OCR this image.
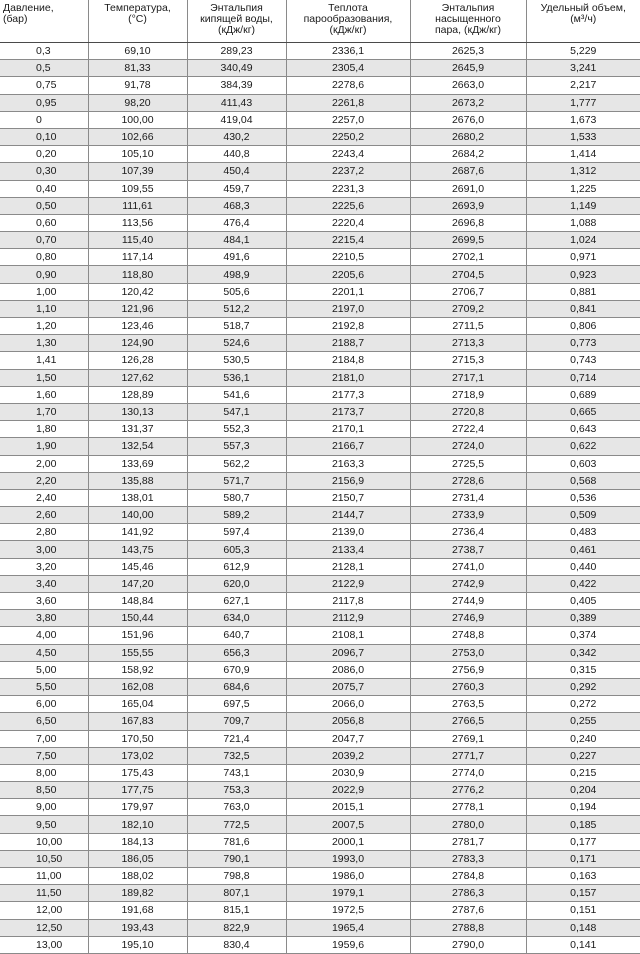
Давление,
(бар)	Температура,
(°C)	Энтальпия
кипящей воды,
(кДж/кг)	Теплота
парообразования,
(кДж/кг)	Энтальпия
насыщенного
пара, (кДж/кг)	Удельный объем,
(м³/ч)
0,3	69,10	289,23	2336,1	2625,3	5,229
0,5	81,33	340,49	2305,4	2645,9	3,241
0,75	91,78	384,39	2278,6	2663,0	2,217
0,95	98,20	411,43	2261,8	2673,2	1,777
0	100,00	419,04	2257,0	2676,0	1,673
0,10	102,66	430,2	2250,2	2680,2	1,533
0,20	105,10	440,8	2243,4	2684,2	1,414
0,30	107,39	450,4	2237,2	2687,6	1,312
0,40	109,55	459,7	2231,3	2691,0	1,225
0,50	111,61	468,3	2225,6	2693,9	1,149
0,60	113,56	476,4	2220,4	2696,8	1,088
0,70	115,40	484,1	2215,4	2699,5	1,024
0,80	117,14	491,6	2210,5	2702,1	0,971
0,90	118,80	498,9	2205,6	2704,5	0,923
1,00	120,42	505,6	2201,1	2706,7	0,881
1,10	121,96	512,2	2197,0	2709,2	0,841
1,20	123,46	518,7	2192,8	2711,5	0,806
1,30	124,90	524,6	2188,7	2713,3	0,773
1,41	126,28	530,5	2184,8	2715,3	0,743
1,50	127,62	536,1	2181,0	2717,1	0,714
1,60	128,89	541,6	2177,3	2718,9	0,689
1,70	130,13	547,1	2173,7	2720,8	0,665
1,80	131,37	552,3	2170,1	2722,4	0,643
1,90	132,54	557,3	2166,7	2724,0	0,622
2,00	133,69	562,2	2163,3	2725,5	0,603
2,20	135,88	571,7	2156,9	2728,6	0,568
2,40	138,01	580,7	2150,7	2731,4	0,536
2,60	140,00	589,2	2144,7	2733,9	0,509
2,80	141,92	597,4	2139,0	2736,4	0,483
3,00	143,75	605,3	2133,4	2738,7	0,461
3,20	145,46	612,9	2128,1	2741,0	0,440
3,40	147,20	620,0	2122,9	2742,9	0,422
3,60	148,84	627,1	2117,8	2744,9	0,405
3,80	150,44	634,0	2112,9	2746,9	0,389
4,00	151,96	640,7	2108,1	2748,8	0,374
4,50	155,55	656,3	2096,7	2753,0	0,342
5,00	158,92	670,9	2086,0	2756,9	0,315
5,50	162,08	684,6	2075,7	2760,3	0,292
6,00	165,04	697,5	2066,0	2763,5	0,272
6,50	167,83	709,7	2056,8	2766,5	0,255
7,00	170,50	721,4	2047,7	2769,1	0,240
7,50	173,02	732,5	2039,2	2771,7	0,227
8,00	175,43	743,1	2030,9	2774,0	0,215
8,50	177,75	753,3	2022,9	2776,2	0,204
9,00	179,97	763,0	2015,1	2778,1	0,194
9,50	182,10	772,5	2007,5	2780,0	0,185
10,00	184,13	781,6	2000,1	2781,7	0,177
10,50	186,05	790,1	1993,0	2783,3	0,171
11,00	188,02	798,8	1986,0	2784,8	0,163
11,50	189,82	807,1	1979,1	2786,3	0,157
12,00	191,68	815,1	1972,5	2787,6	0,151
12,50	193,43	822,9	1965,4	2788,8	0,148
13,00	195,10	830,4	1959,6	2790,0	0,141
